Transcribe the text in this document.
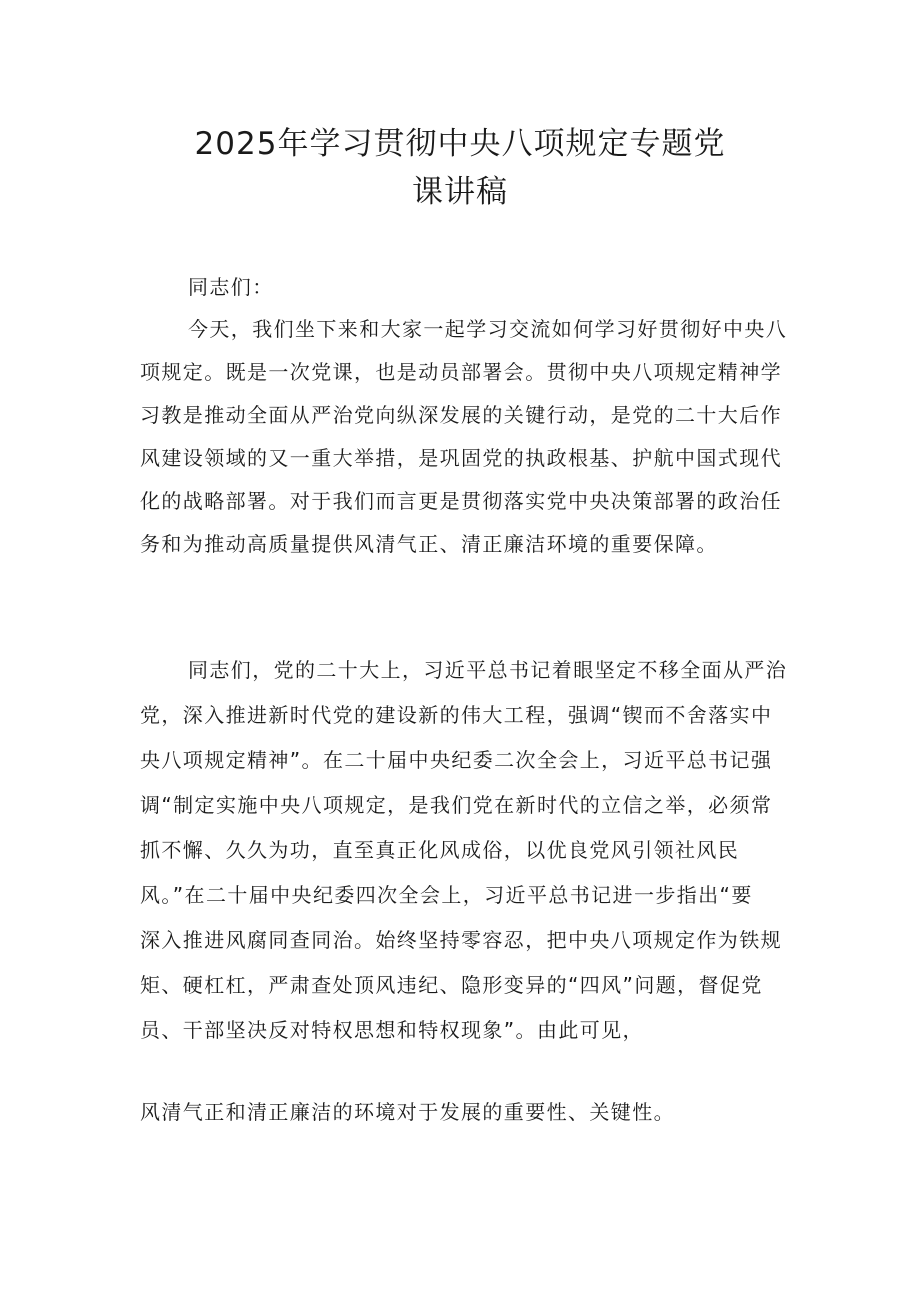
2025年学习贯彻中央八项规定专题党
课讲稿
同志们：
今天，我们坐下来和大家一起学习交流如何学习好贯彻好中央八
项规定。既是一次党课，也是动员部署会。贯彻中央八项规定精神学
习教是推动全面从严治党向纵深发展的关键行动，是党的二十大后作
风建设领域的又一重大举措，是巩固党的执政根基、护航中国式现代
化的战略部署。对于我们而言更是贯彻落实党中央决策部署的政治任
务和为推动高质量提供风清气正、清正廉洁环境的重要保障。
同志们，党的二十大上，习近平总书记着眼坚定不移全面从严治
党，深入推进新时代党的建设新的伟大工程，强调“锲而不舍落实中
央八项规定精神”。在二十届中央纪委二次全会上，习近平总书记强
调“制定实施中央八项规定，是我们党在新时代的立信之举，必须常
抓不懈、久久为功，直至真正化风成俗，以优良党风引领社风民
风。”在二十届中央纪委四次全会上，习近平总书记进一步指出“要
深入推进风腐同查同治。始终坚持零容忍，把中央八项规定作为铁规
矩、硬杠杠，严肃查处顶风违纪、隐形变异的“四风”问题，督促党
员、干部坚决反对特权思想和特权现象”。由此可见，
风清气正和清正廉洁的环境对于发展的重要性、关键性。
